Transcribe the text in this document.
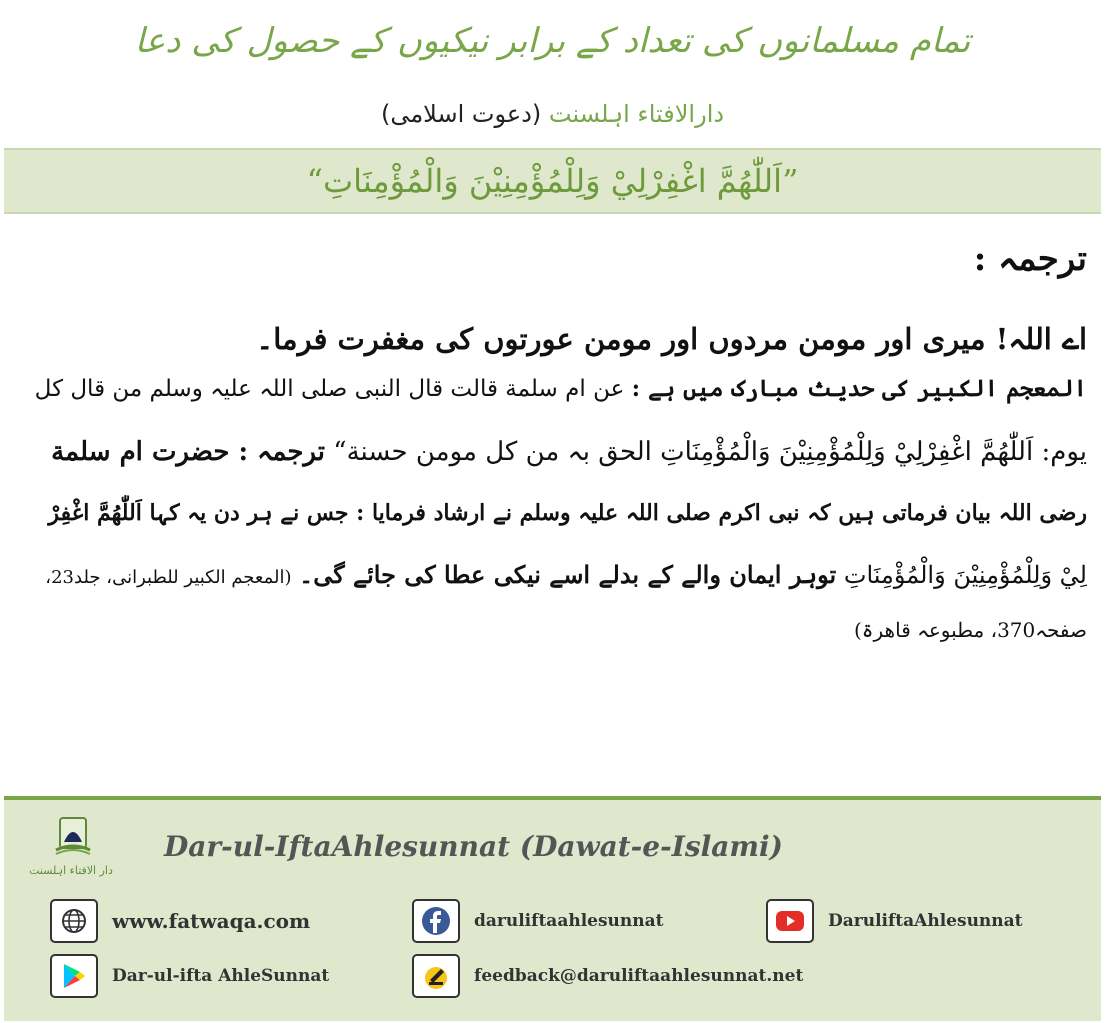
تمام مسلمانوں کی تعداد کے برابر نیکیوں کے حصول کی دعا
دارالافتاء اہلسنت (دعوت اسلامی)
”اَللّٰھُمَّ اغْفِرْلِيْ وَلِلْمُؤْمِنِيْنَ وَالْمُؤْمِنَاتِ“
ترجمہ :
اے اللہ! میری اور مومن مردوں اور مومن عورتوں کی مغفرت فرما۔
المعجم الکبیر کی حدیث مبارک میں ہے : عن ام سلمة قالت قال النبی صلی اللہ علیہ وسلم من قال کل
یوم: اَللّٰھُمَّ اغْفِرْلِيْ وَلِلْمُؤْمِنِيْنَ وَالْمُؤْمِنَاتِ الحق بہ من کل مومن حسنة“ ترجمہ : حضرت ام سلمة
رضی اللہ بیان فرماتی ہیں کہ نبی اکرم صلی اللہ علیہ وسلم نے ارشاد فرمایا : جس نے ہر دن یہ کہا اَللّٰھُمَّ اغْفِرْ
لِيْ وَلِلْمُؤْمِنِيْنَ وَالْمُؤْمِنَاتِ توہر ایمان والے کے بدلے اسے نیکی عطا کی جائے گی۔ (المعجم الکبیر للطبرانی، جلد23،
صفحہ370، مطبوعہ قاھرۃ)
دار الافتاء اہلسنت
Dar-ul-IftaAhlesunnat (Dawat-e-Islami)
www.fatwaqa.com	daruliftaahlesunnat	DaruliftaAhlesunnat
Dar-ul-ifta AhleSunnat	feedback@daruliftaahlesunnat.net
